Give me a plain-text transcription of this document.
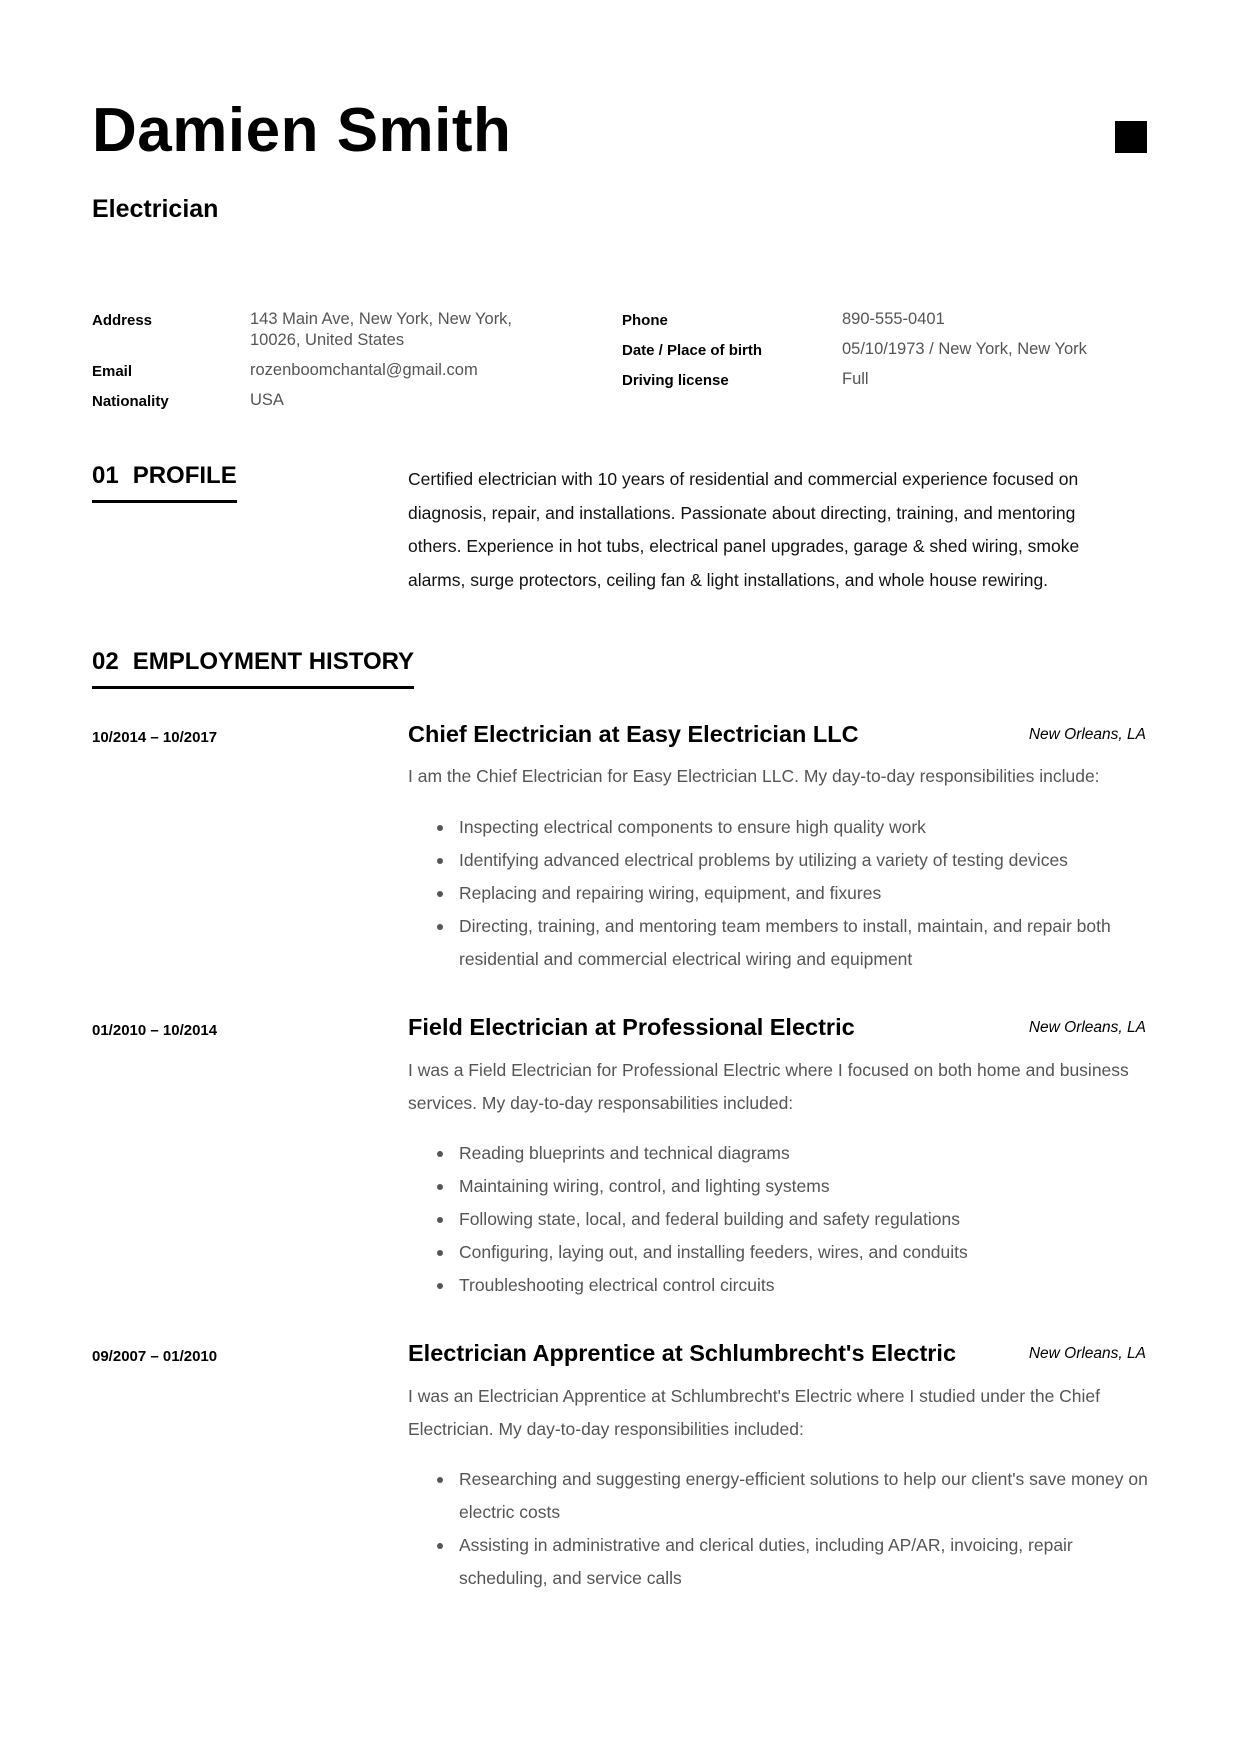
Damien Smith
Electrician
Address	143 Main Ave, New York, New York,
10026, United States
Email	rozenboomchantal@gmail.com
Nationality	USA
Phone	890-555-0401
Date / Place of birth	05/10/1973 / New York, New York
Driving license	Full
01 PROFILE	Certified electrician with 10 years of residential and commercial experience focused on diagnosis, repair, and installations. Passionate about directing, training, and mentoring others. Experience in hot tubs, electrical panel upgrades, garage & shed wiring, smoke alarms, surge protectors, ceiling fan & light installations, and whole house rewiring.
02 EMPLOYMENT HISTORY
10/2014 – 10/2017	Chief Electrician at Easy Electrician LLC	New Orleans, LA
I am the Chief Electrician for Easy Electrician LLC. My day-to-day responsibilities include:
Inspecting electrical components to ensure high quality work
Identifying advanced electrical problems by utilizing a variety of testing devices
Replacing and repairing wiring, equipment, and fixures
Directing, training, and mentoring team members to install, maintain, and repair both residential and commercial electrical wiring and equipment
01/2010 – 10/2014	Field Electrician at Professional Electric	New Orleans, LA
I was a Field Electrician for Professional Electric where I focused on both home and business services. My day-to-day responsabilities included:
Reading blueprints and technical diagrams
Maintaining wiring, control, and lighting systems
Following state, local, and federal building and safety regulations
Configuring, laying out, and installing feeders, wires, and conduits
Troubleshooting electrical control circuits
09/2007 – 01/2010	Electrician Apprentice at Schlumbrecht's Electric	New Orleans, LA
I was an Electrician Apprentice at Schlumbrecht's Electric where I studied under the Chief Electrician. My day-to-day responsibilities included:
Researching and suggesting energy-efficient solutions to help our client's save money on electric costs
Assisting in administrative and clerical duties, including AP/AR, invoicing, repair scheduling, and service calls
